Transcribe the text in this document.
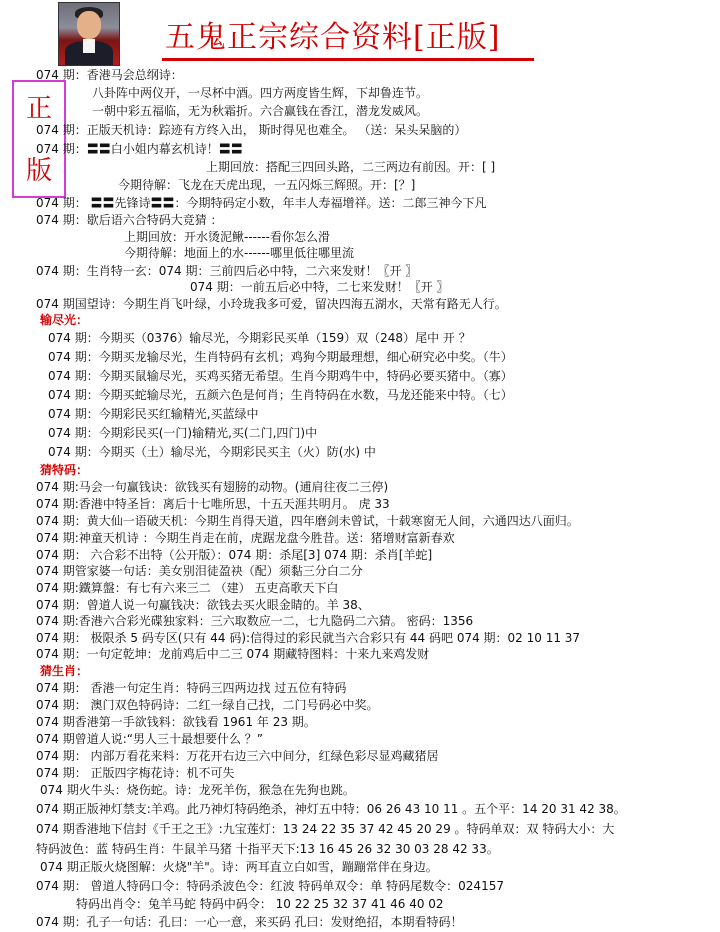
五鬼正宗综合资料[正版]
正
版
074 期：香港马会总纲诗：
八卦阵中两仪开，一尽杯中酒。四方两度皆生辉，下却鲁连节。
一朝中彩五福临，无为秋霜折。六合赢钱在香江，潜龙发威风。
074 期：正版天机诗：踪迹有方终入出， 斯时得见也难全。 （送：呆头呆脑的）
074 期：〓〓白小姐内幕玄机诗！〓〓
上期回放：搭配三四回头路，二三两边有前因。开：[ ]
今期待解：飞龙在天虎出现，一五闪烁三辉照。开：[？]
074 期： 〓〓先锋诗〓〓：今期特码定小数，年丰人寿福增祥。送：二郎三神今下凡
074 期：歇后语六合特码大竞猜 ：
上期回放：开水烫泥鳅------看你怎么滑
今期待解：地面上的水------哪里低往哪里流
074 期：生肖特一玄：074 期：三前四后必中特，二六来发财！〖开 〗
074 期：一前五后必中特，二七来发财！〖开 〗
074 期国望诗：今期生肖飞叶绿，小玲珑我多可爱，留决四海五湖水，天常有路无人行。
输尽光：
074 期：今期买（0376）输尽光，今期彩民买单（159）双（248）尾中 开 ？
074 期：今期买龙输尽光，生肖特码有玄机；鸡狗今期最理想，细心研究必中奖。（牛）
074 期：今期买鼠输尽光，买鸡买猪无希望。生肖今期鸡牛中，特码必要买猪中。（寡）
074 期：今期买蛇输尽光，五颜六色是何肖；生肖特码在水数，马龙还能来中特。（七）
074 期：今期彩民买红输精光,买蓝绿中
074 期：今期彩民买(一门)输精光,买(二门,四门)中
074 期：今期买（土）输尽光，今期彩民买主（火）防(水) 中
猜特码：
074 期:马会一句赢钱诀：欲钱买有翅膀的动物。(逋肩往夜二三停)
074 期:香港中特圣旨：离后十七唯所思，十五天涯共明月。 虎 33
074 期：黄大仙一语破天机：今期生肖得天道，四年磨剑未曾试，十载寒窗无人间，六通四达八面归。
074 期:神童天机诗 ：今期生肖走在前，虎踞龙盘今胜昔。送：猪增财富新春欢
074 期： 六合彩不出特（公开版）：074 期：杀尾[3] 074 期：杀肖[羊蛇]
074 期管家婆一句话：美女别泪徒盈袂（配）须黏三分白二分
074 期:鐵算盤：有七有六来三二 （建） 五吏高歌天下白
074 期：曾道人说一句赢钱决：欲钱去买火眼金睛的。羊 38、
074 期:香港六合彩光碟独家料：三六取数应一二，七九隐码二六猜。 密码：1356
074 期： 极限杀 5 码专区(只有 44 码):信得过的彩民就当六合彩只有 44 码吧 074 期：02 10 11 37
074 期：一句定乾坤：龙前鸡后中二三 074 期藏特图料：十来九来鸡发财
猜生肖：
074 期： 香港一句定生肖：特码三四两边找 过五位有特码
074 期： 澳门双色特码诗：二红一绿自己找，二门号码必中奖。
074 期香港第一手欲钱料：欲钱看 1961 年 23 期。
074 期曾道人说:“男人三十最想要什么 ？”
074 期： 内部万看花来料：万花开右边三六中间分，红绿色彩尽显鸡藏猪居
074 期： 正版四字梅花诗：机不可失
074 期火牛头：烧伤蛇。诗：龙死羊伤，猴急在先狗也跳。
074 期正版神灯禁支:羊鸡。此乃神灯特码绝杀，神灯五中特：06 26 43 10 11 。五个平：14 20 31 42 38。
074 期香港地下信封《千王之王》:九宝莲灯：13 24 22 35 37 42 45 20 29 。特码单双：双 特码大小：大
特码波色：蓝 特码生肖：牛鼠羊马猪 十指平天下:13 16 45 26 32 30 03 28 42 33。
074 期正版火烧图解：火烧"羊"。诗：两耳直立白如雪，蹦蹦常伴在身边。
074 期： 曾道人特码口令：特码杀波色令：红波 特码单双令：单 特码尾数令：024157
特码出肖令：兔羊马蛇 特码中码令： 10 22 25 32 37 41 46 40 02
074 期：孔子一句话：孔曰：一心一意，来买码 孔曰：发财绝招，本期看特码！
